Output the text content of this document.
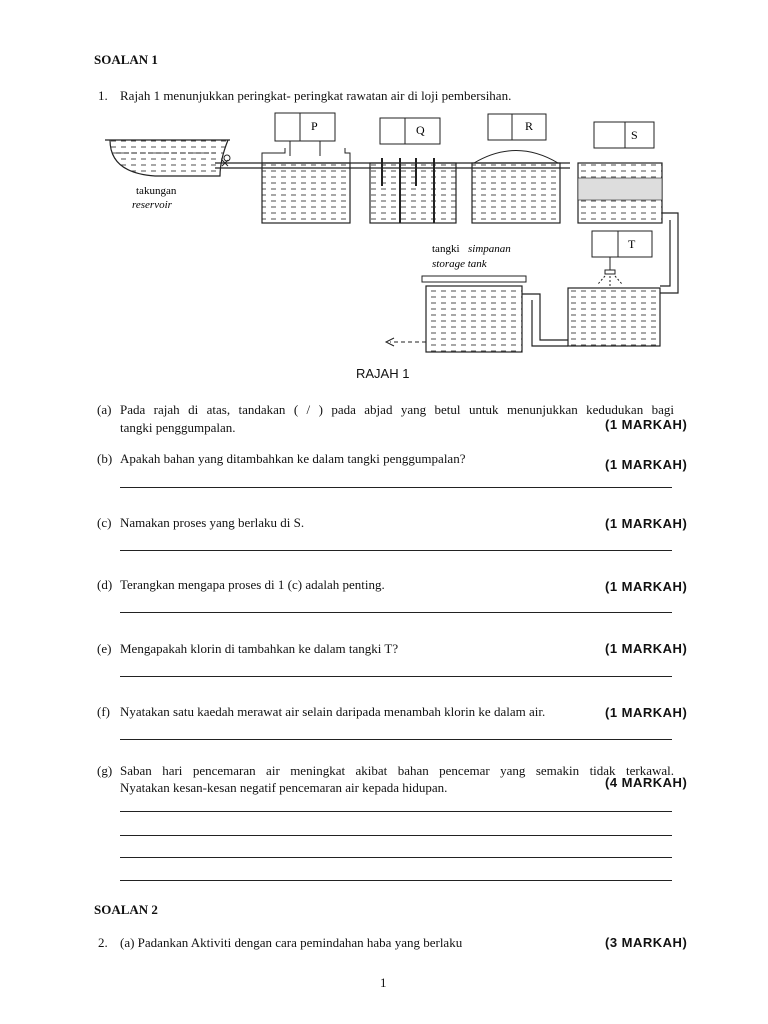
SOALAN 1
1. Rajah 1 menunjukkan peringkat- peringkat rawatan air di loji pembersihan.
takungan
reservoir
P	Q	R
S
T
tangki simpanan
storage tank
RAJAH 1
(a) Pada rajah di atas, tandakan ( / ) pada abjad yang betul untuk menunjukkan kedudukan bagi
tangki penggumpalan.	(1 MARKAH)
(b) Apakah bahan yang ditambahkan ke dalam tangki penggumpalan?	(1 MARKAH)
(c) Namakan proses yang berlaku di S.	(1 MARKAH)
(d) Terangkan mengapa proses di 1 (c) adalah penting.	(1 MARKAH)
(e) Mengapakah klorin di tambahkan ke dalam tangki T?	(1 MARKAH)
(f) Nyatakan satu kaedah merawat air selain daripada menambah klorin ke dalam air.	(1 MARKAH)
(g) Saban hari pencemaran air meningkat akibat bahan pencemar yang semakin tidak terkawal.
Nyatakan kesan-kesan negatif pencemaran air kepada hidupan.	(4 MARKAH)
SOALAN 2
2. (a) Padankan Aktiviti dengan cara pemindahan haba yang berlaku	(3 MARKAH)
1
